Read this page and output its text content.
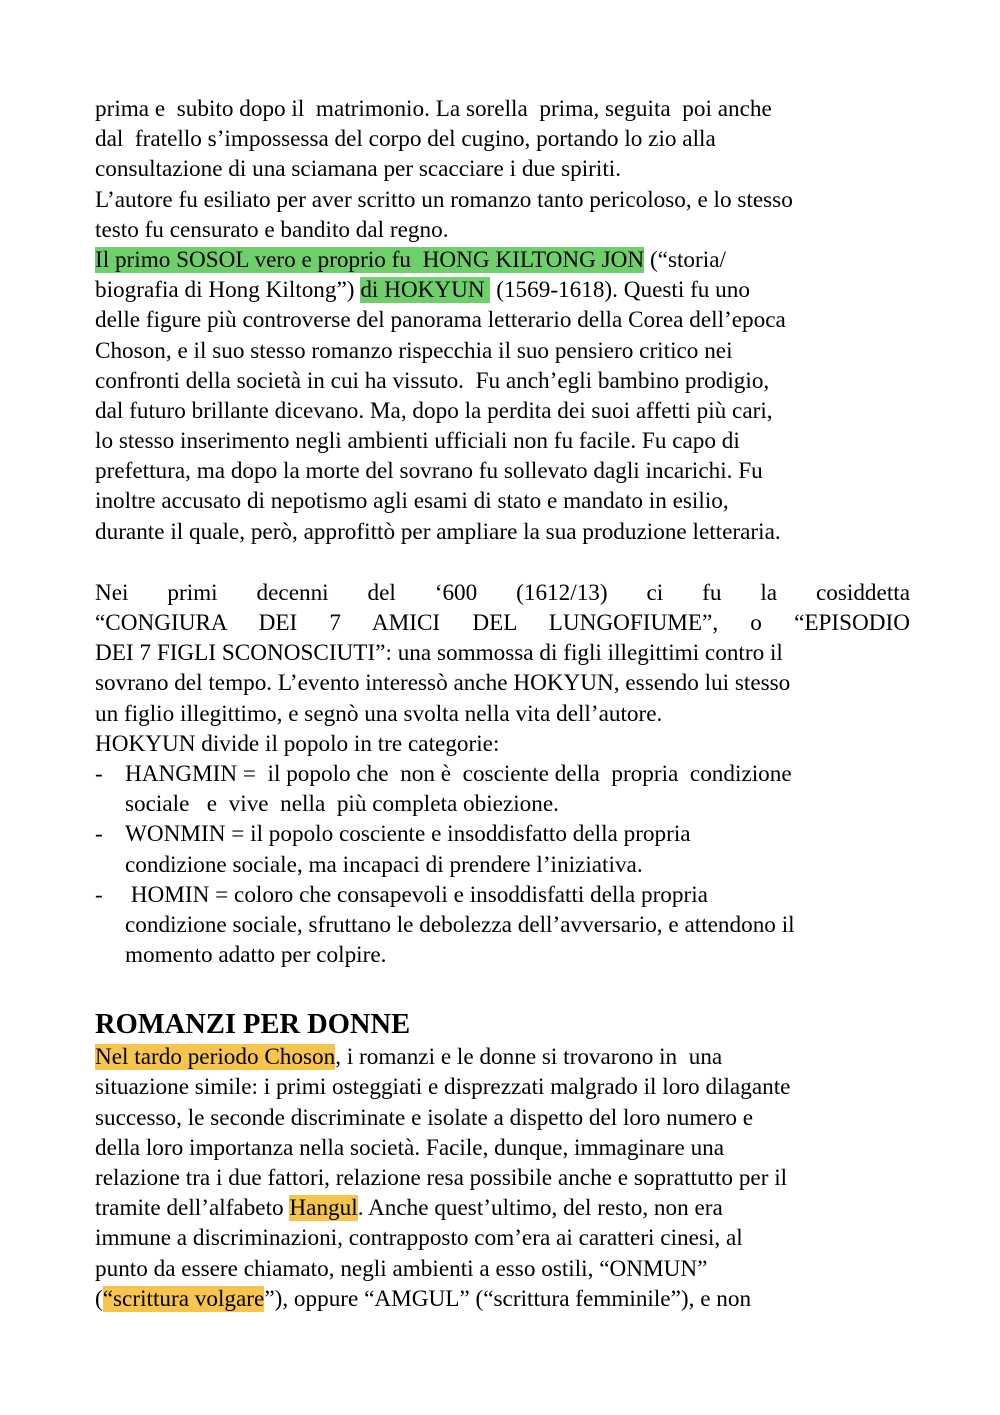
prima e  subito dopo il  matrimonio. La sorella  prima, seguita  poi anche
dal  fratello s’impossessa del corpo del cugino, portando lo zio alla
consultazione di una sciamana per scacciare i due spiriti.
L’autore fu esiliato per aver scritto un romanzo tanto pericoloso, e lo stesso
testo fu censurato e bandito dal regno.
Il primo SOSOL vero e proprio fu  HONG KILTONG JON (“storia/
biografia di Hong Kiltong”) di HOKYUN  (1569-1618). Questi fu uno
delle figure più controverse del panorama letterario della Corea dell’epoca
Choson, e il suo stesso romanzo rispecchia il suo pensiero critico nei
confronti della società in cui ha vissuto.  Fu anch’egli bambino prodigio,
dal futuro brillante dicevano. Ma, dopo la perdita dei suoi affetti più cari,
lo stesso inserimento negli ambienti ufficiali non fu facile. Fu capo di
prefettura, ma dopo la morte del sovrano fu sollevato dagli incarichi. Fu
inoltre accusato di nepotismo agli esami di stato e mandato in esilio,
durante il quale, però, approfittò per ampliare la sua produzione letteraria.
Nei primi decenni del ‘600 (1612/13) ci fu la cosiddetta
“CONGIURA DEI 7 AMICI DEL LUNGOFIUME”, o “EPISODIO
DEI 7 FIGLI SCONOSCIUTI”: una sommossa di figli illegittimi contro il
sovrano del tempo. L’evento interessò anche HOKYUN, essendo lui stesso
un figlio illegittimo, e segnò una svolta nella vita dell’autore.
HOKYUN divide il popolo in tre categorie:
- HANGMIN =  il popolo che  non è  cosciente della  propria  condizione
sociale   e  vive  nella  più completa obiezione.
- WONMIN = il popolo cosciente e insoddisfatto della propria
condizione sociale, ma incapaci di prendere l’iniziativa.
- HOMIN = coloro che consapevoli e insoddisfatti della propria
condizione sociale, sfruttano le debolezza dell’avversario, e attendono il
momento adatto per colpire.
ROMANZI PER DONNE
Nel tardo periodo Choson, i romanzi e le donne si trovarono in  una
situazione simile: i primi osteggiati e disprezzati malgrado il loro dilagante
successo, le seconde discriminate e isolate a dispetto del loro numero e
della loro importanza nella società. Facile, dunque, immaginare una
relazione tra i due fattori, relazione resa possibile anche e soprattutto per il
tramite dell’alfabeto Hangul. Anche quest’ultimo, del resto, non era
immune a discriminazioni, contrapposto com’era ai caratteri cinesi, al
punto da essere chiamato, negli ambienti a esso ostili, “ONMUN”
(“scrittura volgare”), oppure “AMGUL” (“scrittura femminile”), e non
